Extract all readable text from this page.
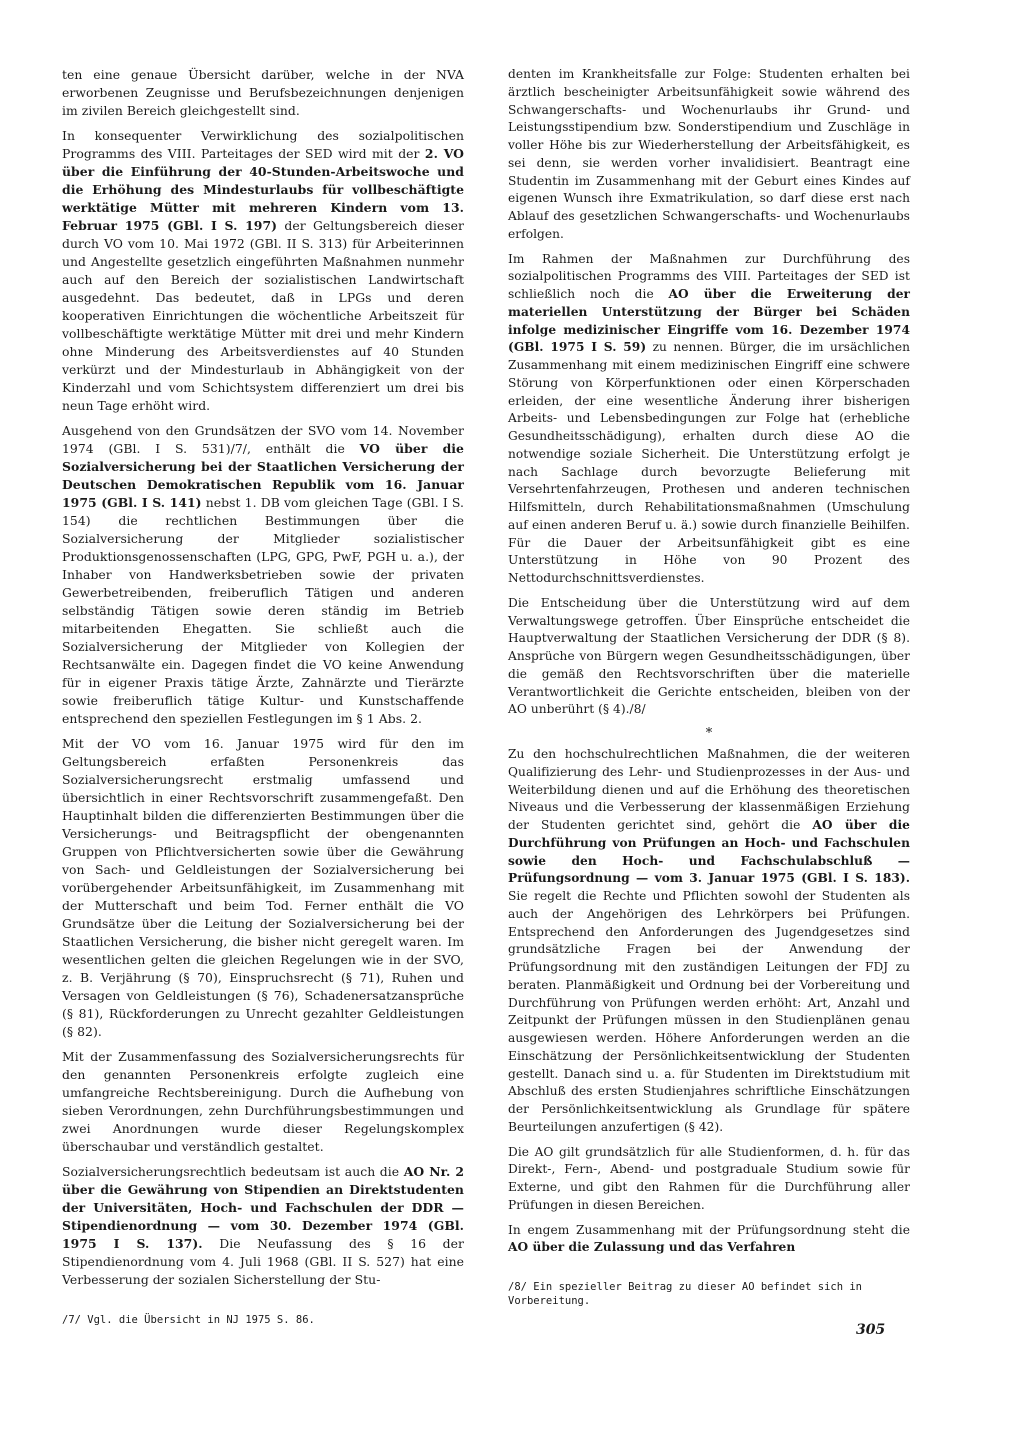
ten eine genaue Übersicht darüber, welche in der NVA erworbenen Zeugnisse und Berufsbezeichnungen denjenigen im zivilen Bereich gleichgestellt sind.

In konsequenter Verwirklichung des sozialpolitischen Programms des VIII. Parteitages der SED wird mit der 2. VO über die Einführung der 40-Stunden-Arbeitswoche und die Erhöhung des Mindesturlaubs für vollbeschäftigte werktätige Mütter mit mehreren Kindern vom 13. Februar 1975 (GBl. I S. 197) der Geltungsbereich dieser durch VO vom 10. Mai 1972 (GBl. II S. 313) für Arbeiterinnen und Angestellte gesetzlich eingeführten Maßnahmen nunmehr auch auf den Bereich der sozialistischen Landwirtschaft ausgedehnt. Das bedeutet, daß in LPGs und deren kooperativen Einrichtungen die wöchentliche Arbeitszeit für vollbeschäftigte werktätige Mütter mit drei und mehr Kindern ohne Minderung des Arbeitsverdienstes auf 40 Stunden verkürzt und der Mindesturlaub in Abhängigkeit von der Kinderzahl und vom Schichtsystem differenziert um drei bis neun Tage erhöht wird.

Ausgehend von den Grundsätzen der SVO vom 14. November 1974 (GBl. I S. 531)/7/, enthält die VO über die Sozialversicherung bei der Staatlichen Versicherung der Deutschen Demokratischen Republik vom 16. Januar 1975 (GBl. I S. 141) nebst 1. DB vom gleichen Tage (GBl. I S. 154) die rechtlichen Bestimmungen über die Sozialversicherung der Mitglieder sozialistischer Produktionsgenossenschaften (LPG, GPG, PwF, PGH u. a.), der Inhaber von Handwerksbetrieben sowie der privaten Gewerbetreibenden, freiberuflich Tätigen und anderen selbständig Tätigen sowie deren ständig im Betrieb mitarbeitenden Ehegatten. Sie schließt auch die Sozialversicherung der Mitglieder von Kollegien der Rechtsanwälte ein. Dagegen findet die VO keine Anwendung für in eigener Praxis tätige Ärzte, Zahnärzte und Tierärzte sowie freiberuflich tätige Kultur- und Kunstschaffende entsprechend den speziellen Festlegungen im § 1 Abs. 2.

Mit der VO vom 16. Januar 1975 wird für den im Geltungsbereich erfaßten Personenkreis das Sozialversicherungsrecht erstmalig umfassend und übersichtlich in einer Rechtsvorschrift zusammengefaßt. Den Hauptinhalt bilden die differenzierten Bestimmungen über die Versicherungs- und Beitragspflicht der obengenannten Gruppen von Pflichtversicherten sowie über die Gewährung von Sach- und Geldleistungen der Sozialversicherung bei vorübergehender Arbeitsunfähigkeit, im Zusammenhang mit der Mutterschaft und beim Tod. Ferner enthält die VO Grundsätze über die Leitung der Sozialversicherung bei der Staatlichen Versicherung, die bisher nicht geregelt waren. Im wesentlichen gelten die gleichen Regelungen wie in der SVO, z. B. Verjährung (§ 70), Einspruchsrecht (§ 71), Ruhen und Versagen von Geldleistungen (§ 76), Schadenersatzansprüche (§ 81), Rückforderungen zu Unrecht gezahlter Geldleistungen (§ 82).

Mit der Zusammenfassung des Sozialversicherungsrechts für den genannten Personenkreis erfolgte zugleich eine umfangreiche Rechtsbereinigung. Durch die Aufhebung von sieben Verordnungen, zehn Durchführungsbestimmungen und zwei Anordnungen wurde dieser Regelungskomplex überschaubar und verständlich gestaltet.

Sozialversicherungsrechtlich bedeutsam ist auch die AO Nr. 2 über die Gewährung von Stipendien an Direktstudenten der Universitäten, Hoch- und Fachschulen der DDR — Stipendienordnung — vom 30. Dezember 1974 (GBl. 1975 I S. 137). Die Neufassung des § 16 der Stipendienordnung vom 4. Juli 1968 (GBl. II S. 527) hat eine Verbesserung der sozialen Sicherstellung der Stu-

denten im Krankheitsfalle zur Folge: Studenten erhalten bei ärztlich bescheinigter Arbeitsunfähigkeit sowie während des Schwangerschafts- und Wochenurlaubs ihr Grund- und Leistungsstipendium bzw. Sonderstipendium und Zuschläge in voller Höhe bis zur Wiederherstellung der Arbeitsfähigkeit, es sei denn, sie werden vorher invalidisiert. Beantragt eine Studentin im Zusammenhang mit der Geburt eines Kindes auf eigenen Wunsch ihre Exmatrikulation, so darf diese erst nach Ablauf des gesetzlichen Schwangerschafts- und Wochenurlaubs erfolgen.

Im Rahmen der Maßnahmen zur Durchführung des sozialpolitischen Programms des VIII. Parteitages der SED ist schließlich noch die AO über die Erweiterung der materiellen Unterstützung der Bürger bei Schäden infolge medizinischer Eingriffe vom 16. Dezember 1974 (GBl. 1975 I S. 59) zu nennen. Bürger, die im ursächlichen Zusammenhang mit einem medizinischen Eingriff eine schwere Störung von Körperfunktionen oder einen Körperschaden erleiden, der eine wesentliche Änderung ihrer bisherigen Arbeits- und Lebensbedingungen zur Folge hat (erhebliche Gesundheitsschädigung), erhalten durch diese AO die notwendige soziale Sicherheit. Die Unterstützung erfolgt je nach Sachlage durch bevorzugte Belieferung mit Versehrtenfahrzeugen, Prothesen und anderen technischen Hilfsmitteln, durch Rehabilitationsmaßnahmen (Umschulung auf einen anderen Beruf u. ä.) sowie durch finanzielle Beihilfen. Für die Dauer der Arbeitsunfähigkeit gibt es eine Unterstützung in Höhe von 90 Prozent des Nettodurchschnittsverdienstes.

Die Entscheidung über die Unterstützung wird auf dem Verwaltungswege getroffen. Über Einsprüche entscheidet die Hauptverwaltung der Staatlichen Versicherung der DDR (§ 8). Ansprüche von Bürgern wegen Gesundheitsschädigungen, über die gemäß den Rechtsvorschriften über die materielle Verantwortlichkeit die Gerichte entscheiden, bleiben von der AO unberührt (§ 4)./8/

*

Zu den hochschulrechtlichen Maßnahmen, die der weiteren Qualifizierung des Lehr- und Studienprozesses in der Aus- und Weiterbildung dienen und auf die Erhöhung des theoretischen Niveaus und die Verbesserung der klassenmäßigen Erziehung der Studenten gerichtet sind, gehört die AO über die Durchführung von Prüfungen an Hoch- und Fachschulen sowie den Hoch- und Fachschulabschluß — Prüfungsordnung — vom 3. Januar 1975 (GBl. I S. 183). Sie regelt die Rechte und Pflichten sowohl der Studenten als auch der Angehörigen des Lehrkörpers bei Prüfungen. Entsprechend den Anforderungen des Jugendgesetzes sind grundsätzliche Fragen bei der Anwendung der Prüfungsordnung mit den zuständigen Leitungen der FDJ zu beraten. Planmäßigkeit und Ordnung bei der Vorbereitung und Durchführung von Prüfungen werden erhöht: Art, Anzahl und Zeitpunkt der Prüfungen müssen in den Studienplänen genau ausgewiesen werden. Höhere Anforderungen werden an die Einschätzung der Persönlichkeitsentwicklung der Studenten gestellt. Danach sind u. a. für Studenten im Direktstudium mit Abschluß des ersten Studienjahres schriftliche Einschätzungen der Persönlichkeitsentwicklung als Grundlage für spätere Beurteilungen anzufertigen (§ 42).

Die AO gilt grundsätzlich für alle Studienformen, d. h. für das Direkt-, Fern-, Abend- und postgraduale Studium sowie für Externe, und gibt den Rahmen für die Durchführung aller Prüfungen in diesen Bereichen.

In engem Zusammenhang mit der Prüfungsordnung steht die AO über die Zulassung und das Verfahren

/7/ Vgl. die Übersicht in NJ 1975 S. 86.
/8/ Ein spezieller Beitrag zu dieser AO befindet sich in Vorbereitung.
305
